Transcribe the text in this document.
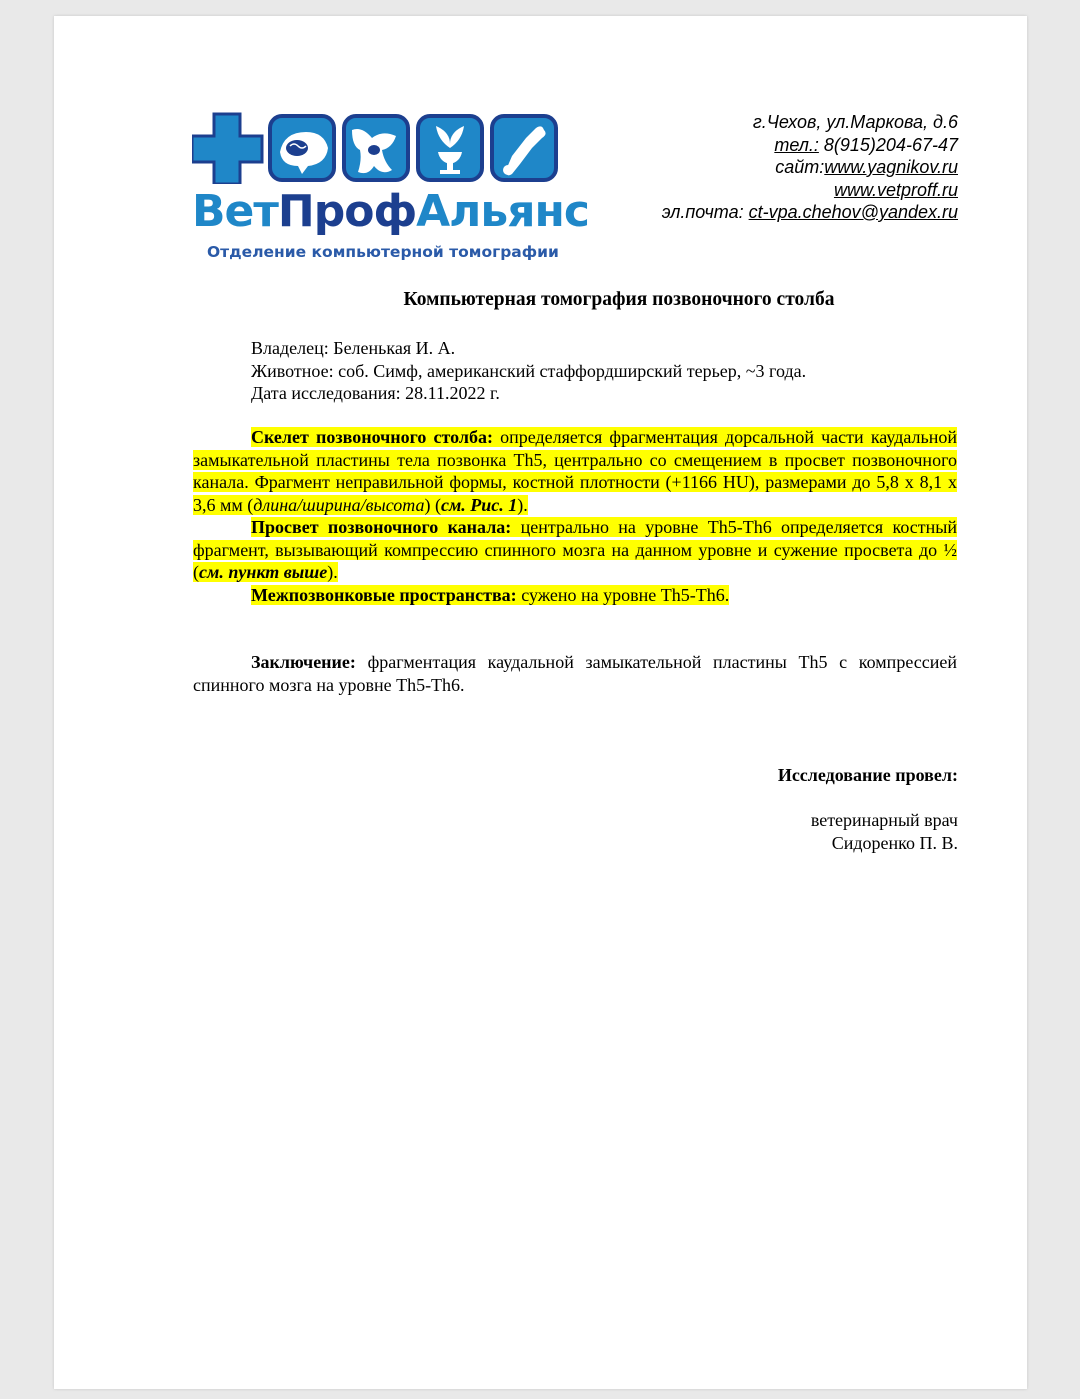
ВетПрофАльянс
Отделение компьютерной томографии
г.Чехов, ул.Маркова, д.6
тел.: 8(915)204-67-47
сайт:www.yagnikov.ru
www.vetproff.ru
эл.почта: ct-vpa.chehov@yandex.ru
Компьютерная томография позвоночного столба
Владелец: Беленькая И. А.
Животное: соб. Симф, американский стаффордширский терьер, ~3 года.
Дата исследования: 28.11.2022 г.

Скелет позвоночного столба: определяется фрагментация дорсальной части каудальной замыкательной пластины тела позвонка Th5, центрально со смещением в просвет позвоночного канала. Фрагмент неправильной формы, костной плотности (+1166 HU), размерами до 5,8 x 8,1 x 3,6 мм (длина/ширина/высота) (см. Рис. 1).

Просвет позвоночного канала: центрально на уровне Th5-Th6 определяется костный фрагмент, вызывающий компрессию спинного мозга на данном уровне и сужение просвета до ½ (см. пункт выше).

Межпозвонковые пространства: сужено на уровне Th5-Th6.

Заключение: фрагментация каудальной замыкательной пластины Th5 с компрессией спинного мозга на уровне Th5-Th6.

Исследование провел:
ветеринарный врач
Сидоренко П. В.
